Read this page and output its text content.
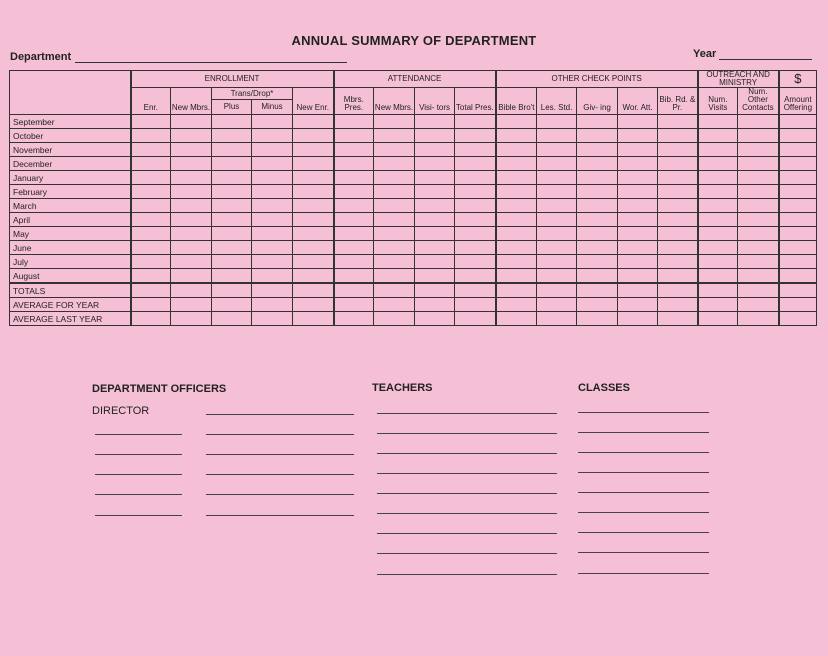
ANNUAL SUMMARY OF DEPARTMENT
Department	Year
	ENROLLMENT					ATTENDANCE				OTHER CHECK POINTS					OUTREACH AND MINISTRY		$
	Enr.	New Mbrs.	Trans/Drop*		New Enr.	Mbrs. Pres.	New Mbrs.	Visi- tors	Total Pres.	Bible Bro't	Les. Std.	Giv- ing	Wor. Att.	Bib. Rd. & Pr.	Num. Visits	Num. Other Contacts	Amount Offering
			Plus	Minus													
September																	
October																	
November																	
December																	
January																	
February																	
March																	
April																	
May																	
June																	
July																	
August																	
TOTALS																	
AVERAGE FOR YEAR																	
AVERAGE LAST YEAR																	
DEPARTMENT OFFICERS
DIRECTOR
TEACHERS	CLASSES
